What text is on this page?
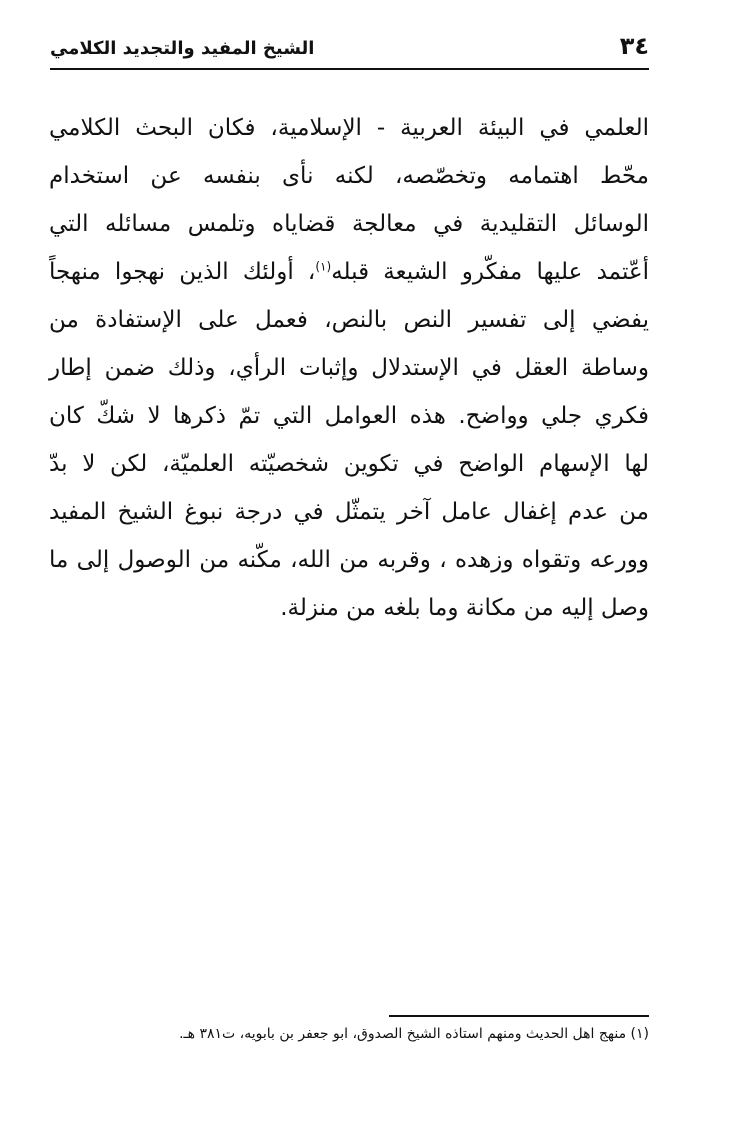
٣٤
الشيخ المفيد والتجديد الكلامي
العلمي في البيئة العربية - الإسلامية، فكان البحث الكلامي
محّط اهتمامه وتخصّصه، لكنه نأى بنفسه عن استخدام
الوسائل التقليدية في معالجة قضاياه وتلمس مسائله التي
أعّتمد عليها مفكّرو الشيعة قبله$^{(١)}$، أولئك الذين نهجوا منهجاً
يفضي إلى تفسير النص بالنص، فعمل على الإستفادة من
وساطة العقل في الإستدلال وإثبات الرأي، وذلك ضمن إطار
فكري جلي وواضح. هذه العوامل التي تمّ ذكرها لا شكّ كان
لها الإسهام الواضح في تكوين شخصيّته العلميّة، لكن لا بدّ
من عدم إغفال عامل آخر يتمثّل في درجة نبوغ الشيخ المفيد
وورعه وتقواه وزهده ، وقربه من الله، مكّنه من الوصول إلى ما
وصل إليه من مكانة وما بلغه من منزلة.
(١) منهج اهل الحديث ومنهم استاذه الشيخ الصدوق، ابو جعفر بن بابويه، ت٣٨١ هـ.
